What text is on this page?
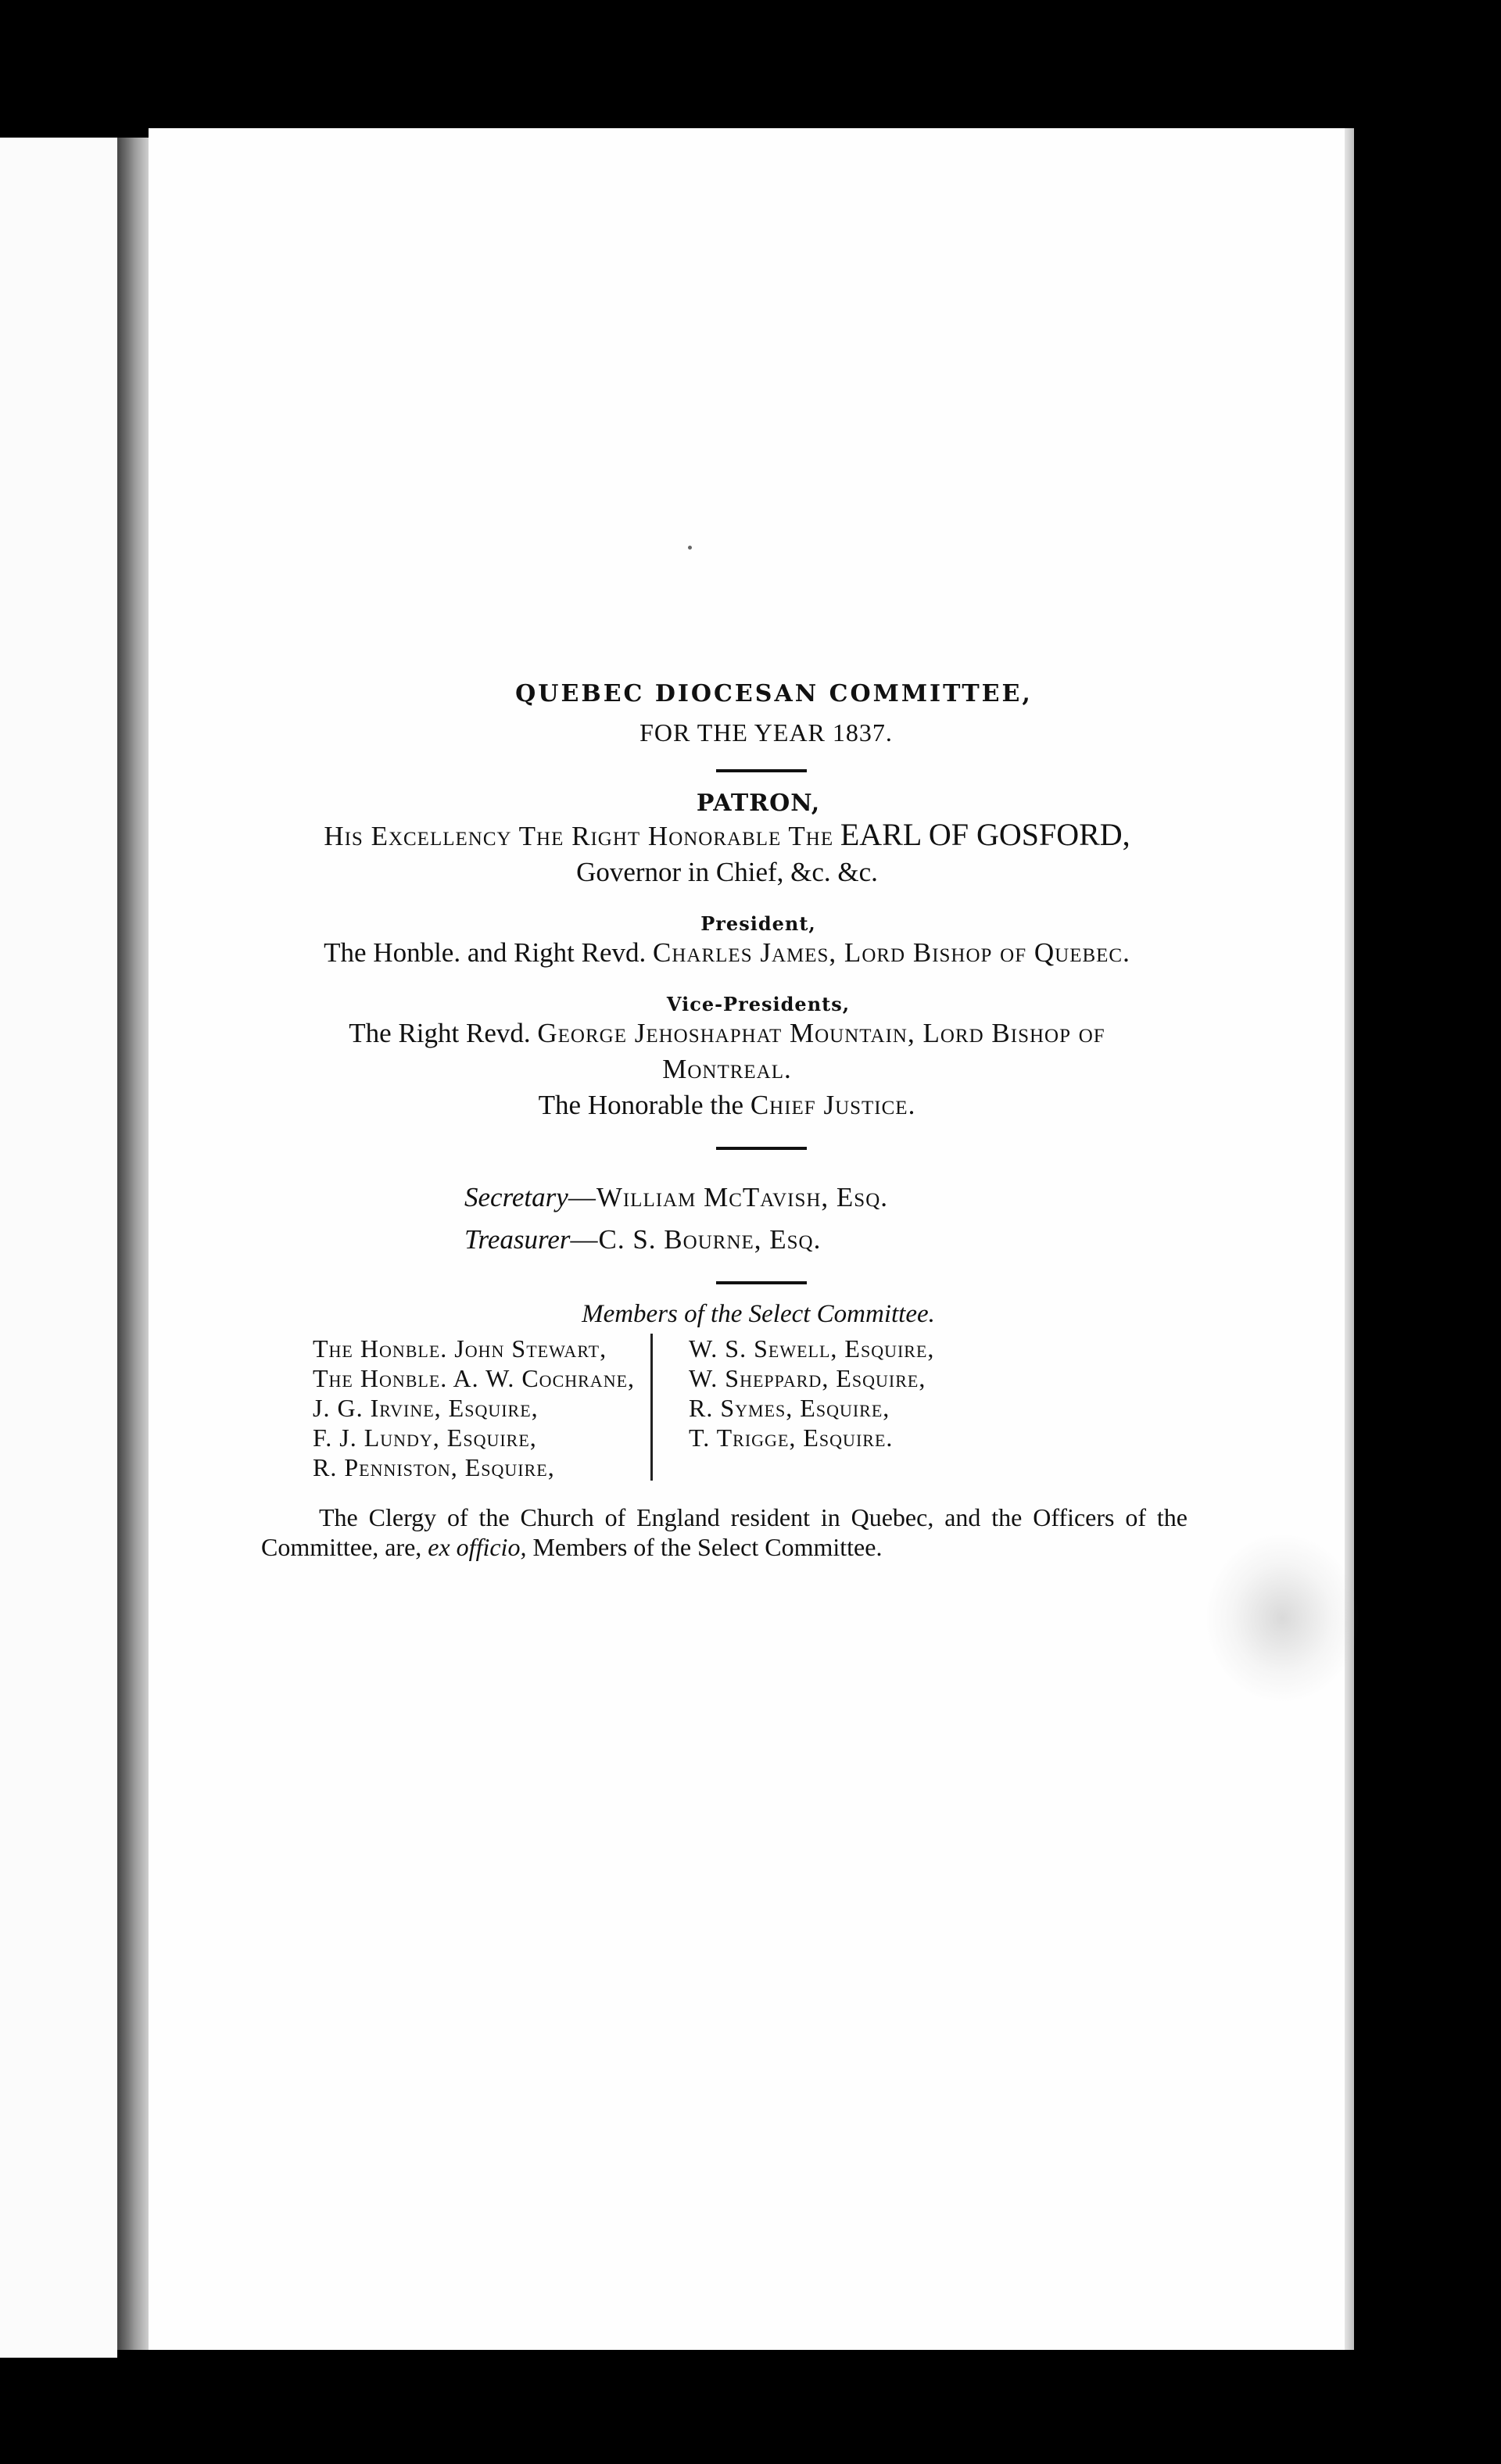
QUEBEC DIOCESAN COMMITTEE,
FOR THE YEAR 1837.
PATRON,
His Excellency The Right Honorable The EARL OF GOSFORD,
Governor in Chief, &c. &c.
President,
The Honble. and Right Revd. Charles James, Lord Bishop of Quebec.
Vice-Presidents,
The Right Revd. George Jehoshaphat Mountain, Lord Bishop of
Montreal.
The Honorable the Chief Justice.
Secretary—William McTavish, Esq.
Treasurer—C. S. Bourne, Esq.
Members of the Select Committee.
The Honble. John Stewart,
The Honble. A. W. Cochrane,
J. G. Irvine, Esquire,
F. J. Lundy, Esquire,
R. Penniston, Esquire,
W. S. Sewell, Esquire,
W. Sheppard, Esquire,
R. Symes, Esquire,
T. Trigge, Esquire.
The Clergy of the Church of England resident in Quebec, and the Officers of the Committee, are, ex officio, Members of the Select Committee.
